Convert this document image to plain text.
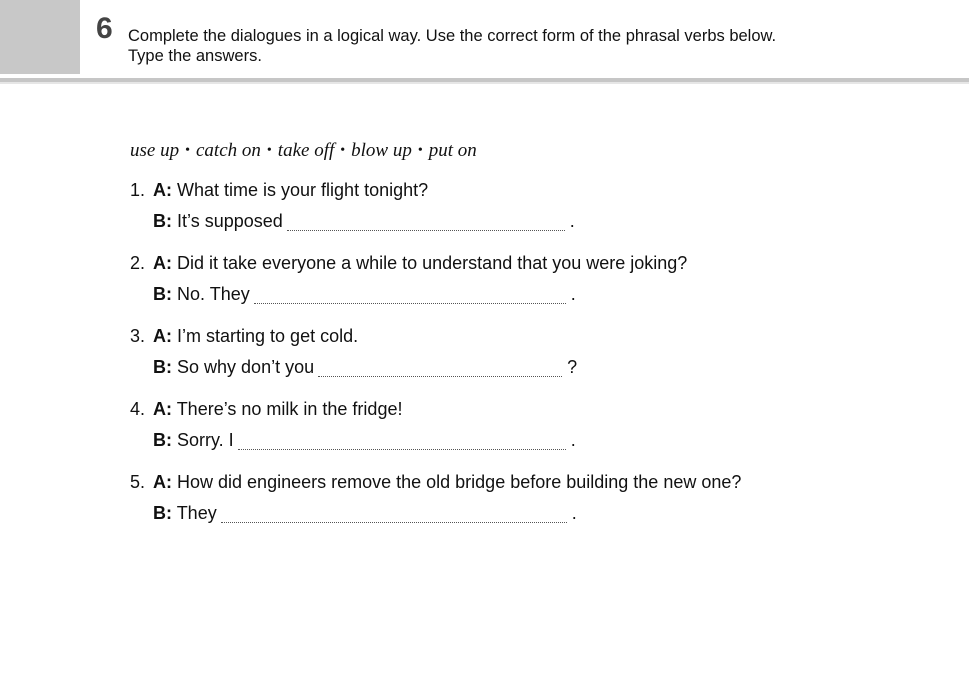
6 Complete the dialogues in a logical way. Use the correct form of the phrasal verbs below.
Type the answers.
use up • catch on • take off • blow up • put on
1. A: What time is your flight tonight?
B: It’s supposed	.
2. A: Did it take everyone a while to understand that you were joking?
B: No. They	.
3. A: I’m starting to get cold.
B: So why don’t you	?
4. A: There’s no milk in the fridge!
B: Sorry. I	.
5. A: How did engineers remove the old bridge before building the new one?
B: They	.
